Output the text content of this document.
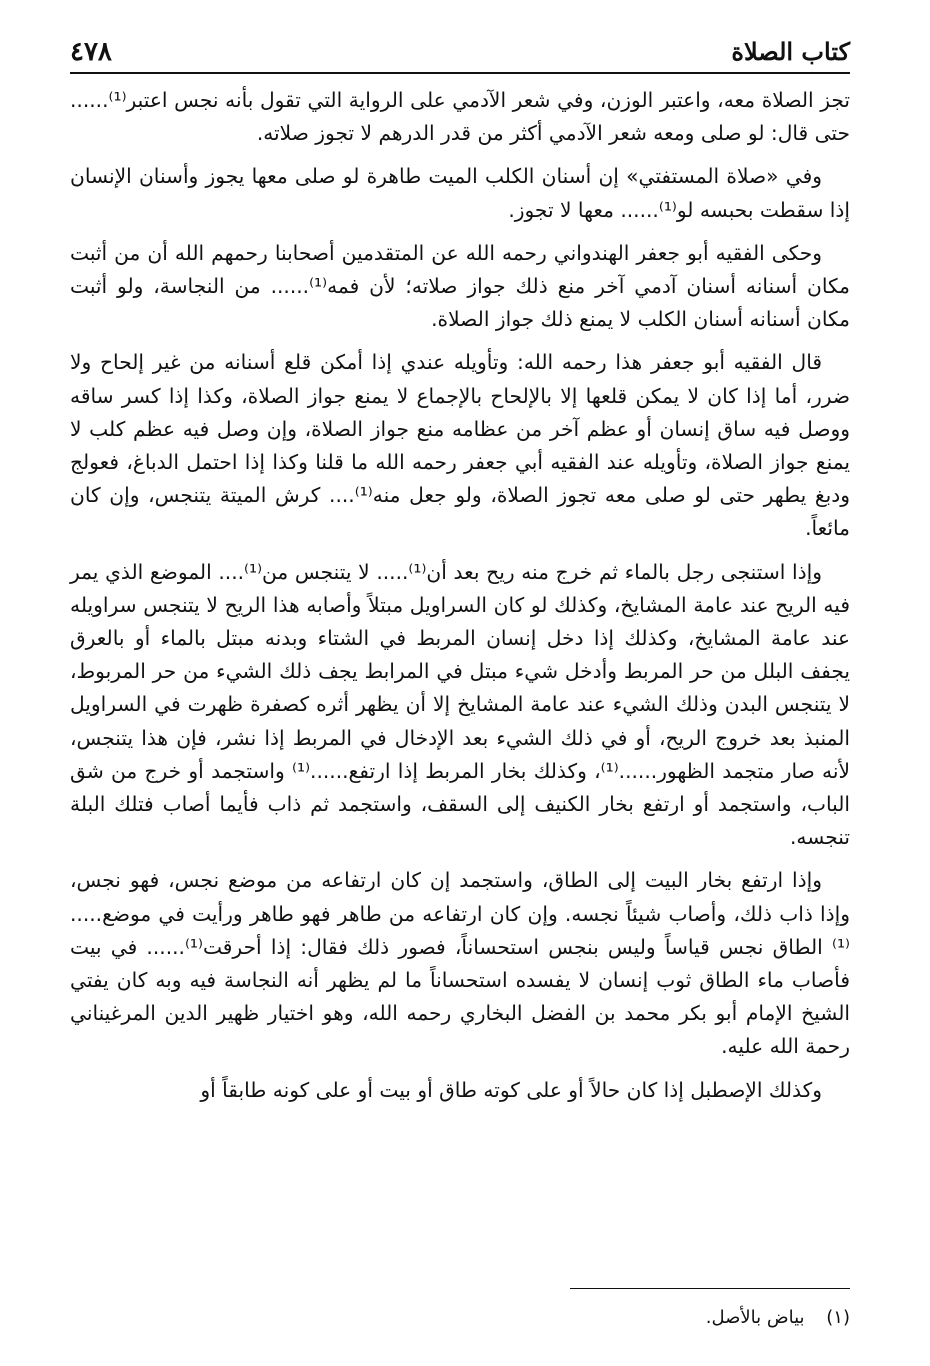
كتاب الصلاة
٤٧٨

تجز الصلاة معه، واعتبر الوزن، وفي شعر الآدمي على الرواية التي تقول بأنه نجس اعتبر⁽¹⁾...... حتى قال: لو صلى ومعه شعر الآدمي أكثر من قدر الدرهم لا تجوز صلاته.

وفي «صلاة المستفتي» إن أسنان الكلب الميت طاهرة لو صلى معها يجوز وأسنان الإنسان إذا سقطت بحبسه لو⁽¹⁾...... معها لا تجوز.

وحكى الفقيه أبو جعفر الهندواني رحمه الله عن المتقدمين أصحابنا رحمهم الله أن من أثبت مكان أسنانه أسنان آدمي آخر منع ذلك جواز صلاته؛ لأن فمه⁽¹⁾...... من النجاسة، ولو أثبت مكان أسنانه أسنان الكلب لا يمنع ذلك جواز الصلاة.

قال الفقيه أبو جعفر هذا رحمه الله: وتأويله عندي إذا أمكن قلع أسنانه من غير إلحاح ولا ضرر، أما إذا كان لا يمكن قلعها إلا بالإلحاح بالإجماع لا يمنع جواز الصلاة، وكذا إذا كسر ساقه ووصل فيه ساق إنسان أو عظم آخر من عظامه منع جواز الصلاة، وإن وصل فيه عظم كلب لا يمنع جواز الصلاة، وتأويله عند الفقيه أبي جعفر رحمه الله ما قلنا وكذا إذا احتمل الدباغ، فعولج ودبغ يطهر حتى لو صلى معه تجوز الصلاة، ولو جعل منه⁽¹⁾.... كرش الميتة يتنجس، وإن كان مائعاً.

وإذا استنجى رجل بالماء ثم خرج منه ريح بعد أن⁽¹⁾..... لا يتنجس من⁽¹⁾.... الموضع الذي يمر فيه الريح عند عامة المشايخ، وكذلك لو كان السراويل مبتلاً وأصابه هذا الريح لا يتنجس سراويله عند عامة المشايخ، وكذلك إذا دخل إنسان المربط في الشتاء وبدنه مبتل بالماء أو بالعرق يجفف البلل من حر المربط وأدخل شيء مبتل في المرابط يجف ذلك الشيء من حر المربوط، لا يتنجس البدن وذلك الشيء عند عامة المشايخ إلا أن يظهر أثره كصفرة ظهرت في السراويل المنبذ بعد خروج الريح، أو في ذلك الشيء بعد الإدخال في المربط إذا نشر، فإن هذا يتنجس، لأنه صار متجمد الظهور......⁽¹⁾، وكذلك بخار المربط إذا ارتفع......⁽¹⁾ واستجمد أو خرج من شق الباب، واستجمد أو ارتفع بخار الكنيف إلى السقف، واستجمد ثم ذاب فأيما أصاب فتلك البلة تنجسه.

وإذا ارتفع بخار البيت إلى الطاق، واستجمد إن كان ارتفاعه من موضع نجس، فهو نجس، وإذا ذاب ذلك، وأصاب شيئاً نجسه. وإن كان ارتفاعه من طاهر فهو طاهر ورأيت في موضع.....⁽¹⁾ الطاق نجس قياساً وليس بنجس استحساناً، فصور ذلك فقال: إذا أحرقت⁽¹⁾...... في بيت فأصاب ماء الطاق ثوب إنسان لا يفسده استحساناً ما لم يظهر أنه النجاسة فيه وبه كان يفتي الشيخ الإمام أبو بكر محمد بن الفضل البخاري رحمه الله، وهو اختيار ظهير الدين المرغيناني رحمة الله عليه.

وكذلك الإصطبل إذا كان حالاً أو على كوته طاق أو بيت أو على كونه طابقاً أو

(١) بياض بالأصل.
